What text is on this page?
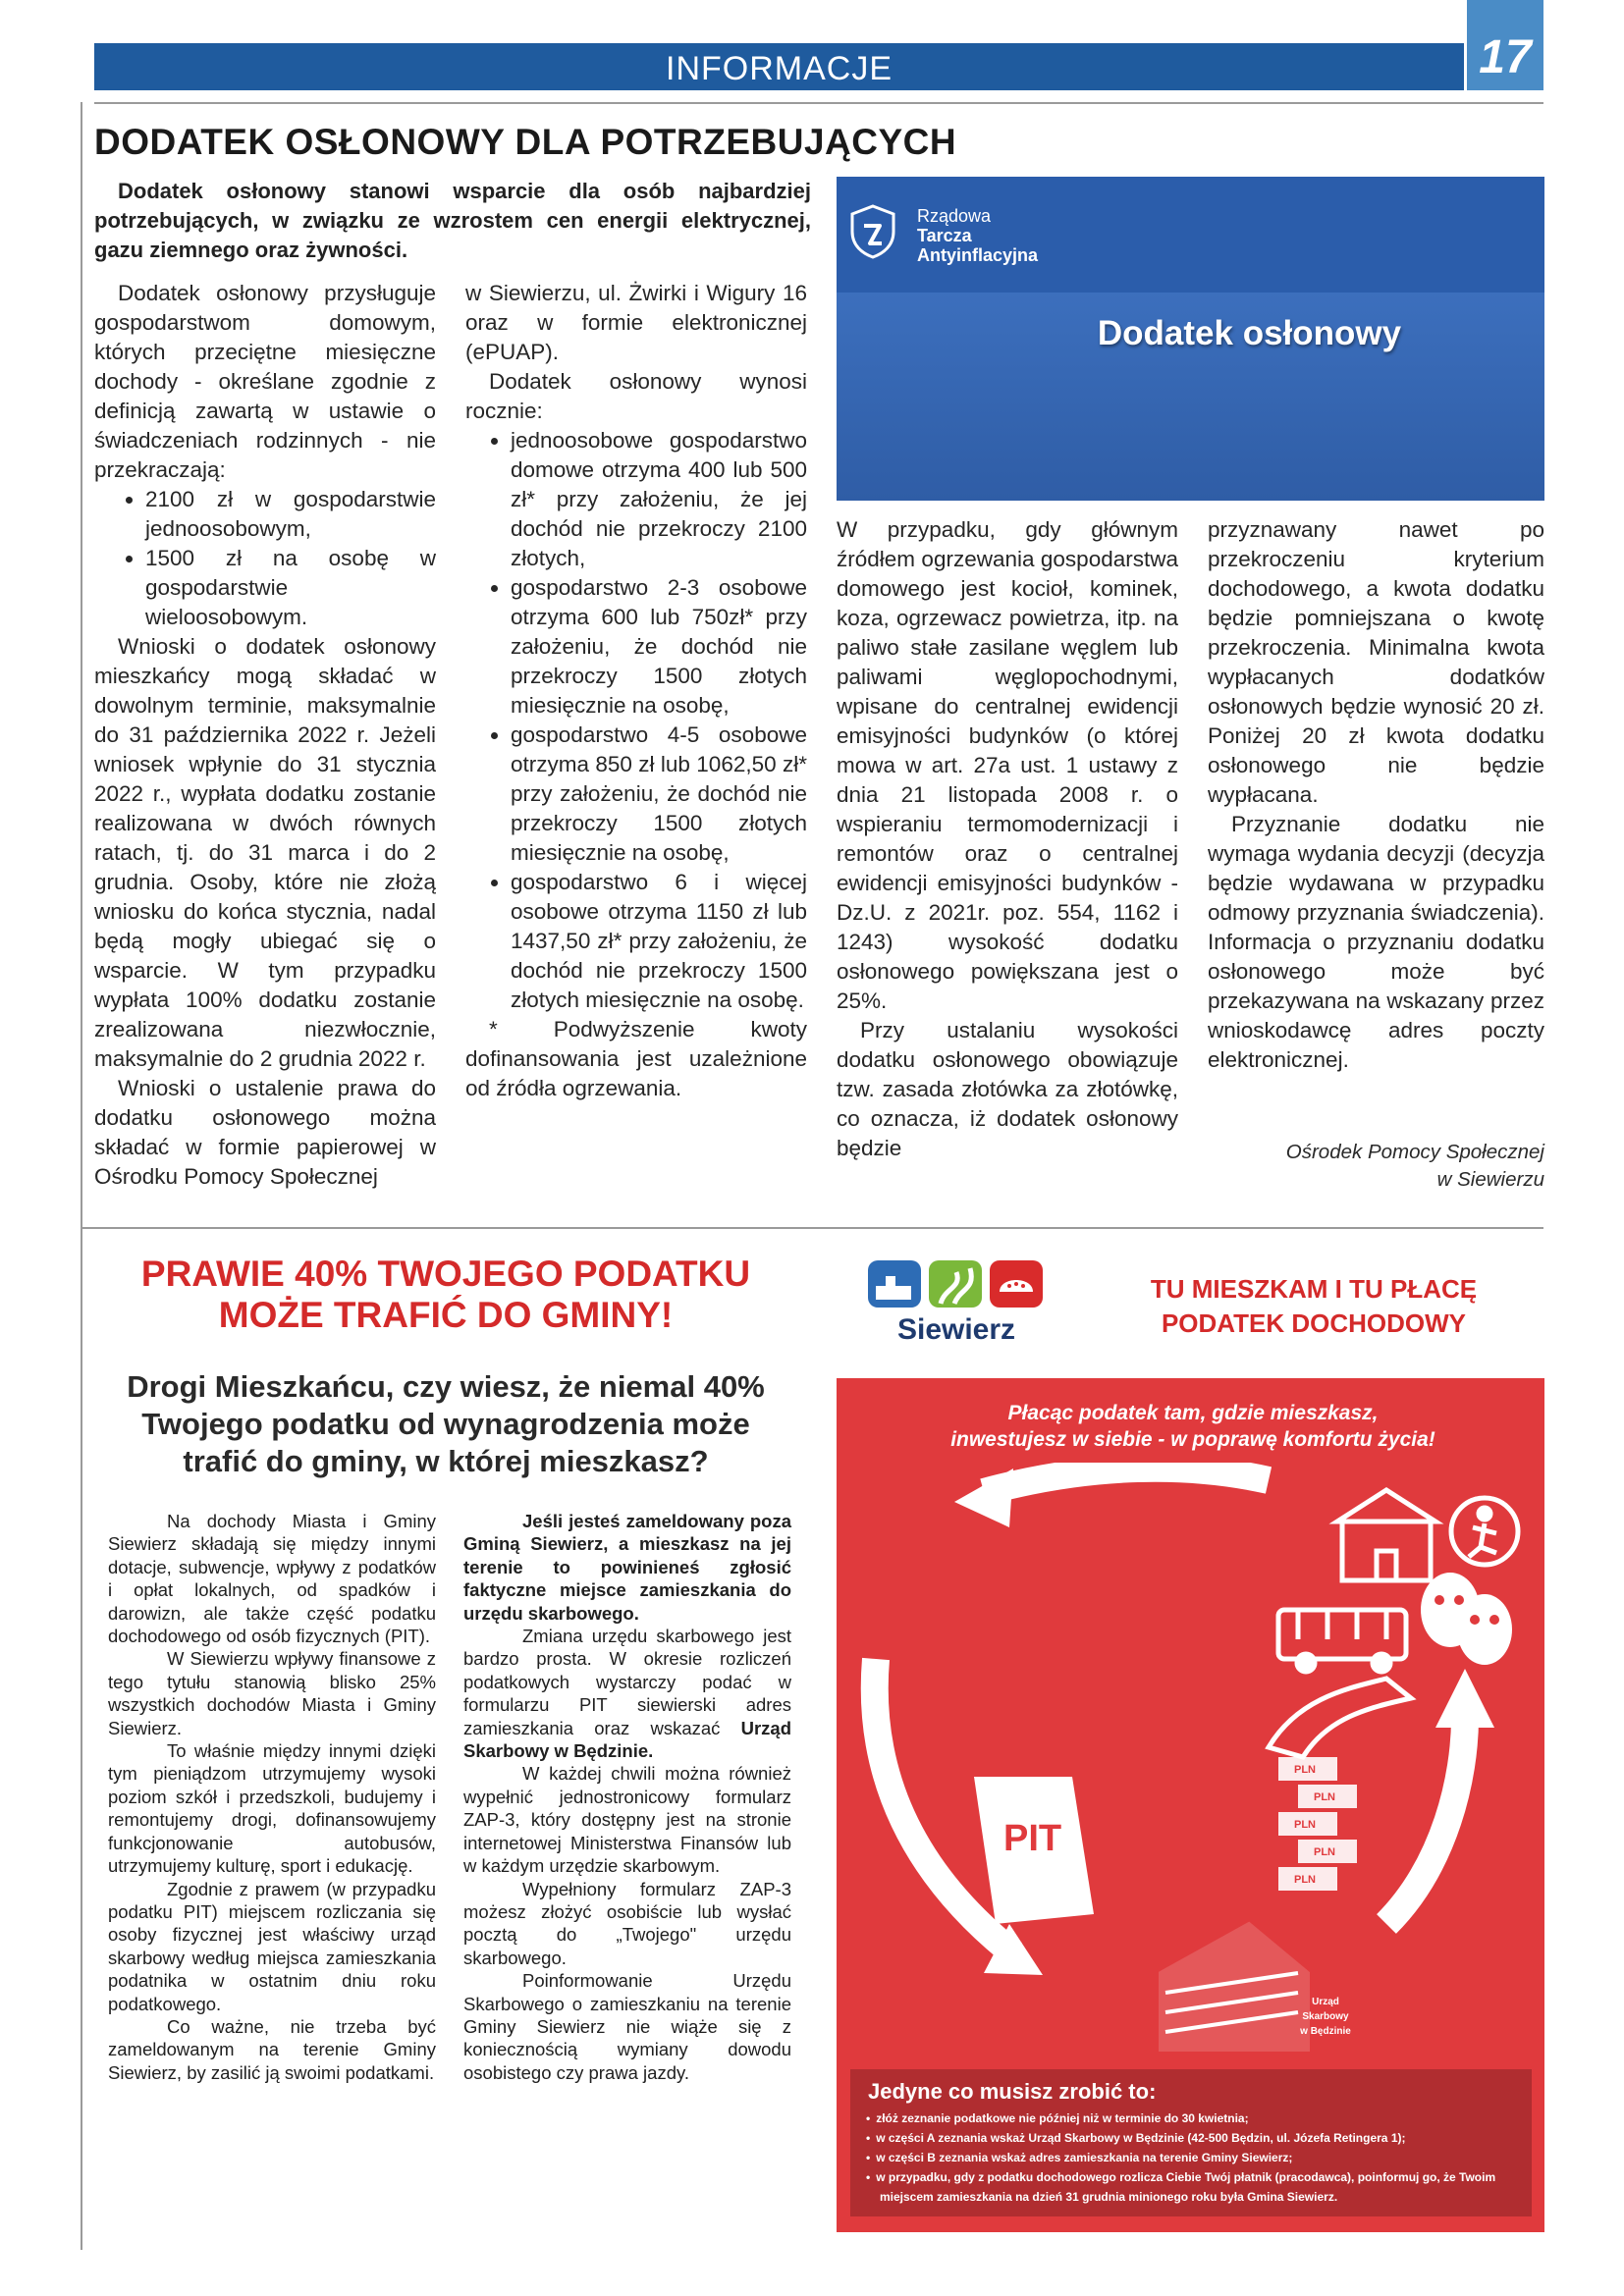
INFORMACJE	17
DODATEK OSŁONOWY DLA POTRZEBUJĄCYCH
Dodatek osłonowy stanowi wsparcie dla osób najbardziej potrzebujących, w związku ze wzrostem cen energii elektrycznej, gazu ziemnego oraz żywności.

Dodatek osłonowy przysługuje gospodarstwom domowym, których przeciętne miesięczne dochody - określane zgodnie z definicją zawartą w ustawie o świadczeniach rodzinnych - nie przekraczają:

• 2100 zł w gospodarstwie jednoosobowym,
• 1500 zł na osobę w gospodarstwie wieloosobowym.

Wnioski o dodatek osłonowy mieszkańcy mogą składać w dowolnym terminie, maksymalnie do 31 października 2022 r. Jeżeli wniosek wpłynie do 31 stycznia 2022 r., wypłata dodatku zostanie realizowana w dwóch równych ratach, tj. do 31 marca i do 2 grudnia. Osoby, które nie złożą wniosku do końca stycznia, nadal będą mogły ubiegać się o wsparcie. W tym przypadku wypłata 100% dodatku zostanie zrealizowana niezwłocznie, maksymalnie do 2 grudnia 2022 r.

Wnioski o ustalenie prawa do dodatku osłonowego można składać w formie papierowej w Ośrodku Pomocy Społecznej

w Siewierzu, ul. Żwirki i Wigury 16 oraz w formie elektronicznej (ePUAP).

Dodatek osłonowy wynosi rocznie:

• jednoosobowe gospodarstwo domowe otrzyma 400 lub 500 zł* przy założeniu, że jej dochód nie przekroczy 2100 złotych,
• gospodarstwo 2-3 osobowe otrzyma 600 lub 750zł* przy założeniu, że dochód nie przekroczy 1500 złotych miesięcznie na osobę,
• gospodarstwo 4-5 osobowe otrzyma 850 zł lub 1062,50 zł* przy założeniu, że dochód nie przekroczy 1500 złotych miesięcznie na osobę,
• gospodarstwo 6 i więcej osobowe otrzyma 1150 zł lub 1437,50 zł* przy założeniu, że dochód nie przekroczy 1500 złotych miesięcznie na osobę.

* Podwyższenie kwoty dofinansowania jest uzależnione od źródła ogrzewania.

W przypadku, gdy głównym źródłem ogrzewania gospodarstwa domowego jest kocioł, kominek, koza, ogrzewacz powietrza, itp. na paliwo stałe zasilane węglem lub paliwami węglopochodnymi, wpisane do centralnej ewidencji emisyjności budynków (o której mowa w art. 27a ust. 1 ustawy z dnia 21 listopada 2008 r. o wspieraniu termomodernizacji i remontów oraz o centralnej ewidencji emisyjności budynków - Dz.U. z 2021r. poz. 554, 1162 i 1243) wysokość dodatku osłonowego powiększana jest o 25%.

Przy ustalaniu wysokości dodatku osłonowego obowiązuje tzw. zasada złotówka za złotówkę, co oznacza, iż dodatek osłonowy będzie

przyznawany nawet po przekroczeniu kryterium dochodowego, a kwota dodatku będzie pomniejszana o kwotę przekroczenia. Minimalna kwota wypłacanych dodatków osłonowych będzie wynosić 20 zł. Poniżej 20 zł kwota dodatku osłonowego nie będzie wypłacana.

Przyznanie dodatku nie wymaga wydania decyzji (decyzja będzie wydawana w przypadku odmowy przyznania świadczenia). Informacja o przyznaniu dodatku osłonowego może być przekazywana na wskazany przez wnioskodawcę adres poczty elektronicznej.

Ośrodek Pomocy Społecznej
w Siewierzu
Rządowa
Tarcza
Antyinflacyjna
Dodatek osłonowy
PRAWIE 40% TWOJEGO PODATKU
MOŻE TRAFIĆ DO GMINY!
Drogi Mieszkańcu, czy wiesz, że niemal 40%
Twojego podatku od wynagrodzenia może
trafić do gminy, w której mieszkasz?

Na dochody Miasta i Gminy Siewierz składają się między innymi dotacje, subwencje, wpływy z podatków i opłat lokalnych, od spadków i darowizn, ale także część podatku dochodowego od osób fizycznych (PIT).

W Siewierzu wpływy finansowe z tego tytułu stanowią blisko 25% wszystkich dochodów Miasta i Gminy Siewierz.

To właśnie między innymi dzięki tym pieniądzom utrzymujemy wysoki poziom szkół i przedszkoli, budujemy i remontujemy drogi, dofinansowujemy funkcjonowanie autobusów, utrzymujemy kulturę, sport i edukację.

Zgodnie z prawem (w przypadku podatku PIT) miejscem rozliczania się osoby fizycznej jest właściwy urząd skarbowy według miejsca zamieszkania podatnika w ostatnim dniu roku podatkowego.

Co ważne, nie trzeba być zameldowanym na terenie Gminy Siewierz, by zasilić ją swoimi podatkami.

Jeśli jesteś zameldowany poza Gminą Siewierz, a mieszkasz na jej terenie to powinieneś zgłosić faktyczne miejsce zamieszkania do urzędu skarbowego.

Zmiana urzędu skarbowego jest bardzo prosta. W okresie rozliczeń podatkowych wystarczy podać w formularzu PIT siewierski adres zamieszkania oraz wskazać Urząd Skarbowy w Będzinie.

W każdej chwili można również wypełnić jednostronicowy formularz ZAP-3, który dostępny jest na stronie internetowej Ministerstwa Finansów lub w każdym urzędzie skarbowym.

Wypełniony formularz ZAP-3 możesz złożyć osobiście lub wysłać pocztą do „Twojego" urzędu skarbowego.

Poinformowanie Urzędu Skarbowego o zamieszkaniu na terenie Gminy Siewierz nie wiąże się z koniecznością wymiany dowodu osobistego czy prawa jazdy.

Siewierz
TU MIESZKAM I TU PŁACĘ
PODATEK DOCHODOWY
Płacąc podatek tam, gdzie mieszkasz,
inwestujesz w siebie - w poprawę komfortu życia!
PIT
PLN
PLN
PLN
PLN
PLN
Urząd
Skarbowy
w Będzinie
Jedyne co musisz zrobić to:
• złóż zeznanie podatkowe nie później niż w terminie do 30 kwietnia;
• w części A zeznania wskaż Urząd Skarbowy w Będzinie (42-500 Będzin, ul. Józefa Retingera 1);
• w części B zeznania wskaż adres zamieszkania na terenie Gminy Siewierz;
• w przypadku, gdy z podatku dochodowego rozlicza Ciebie Twój płatnik (pracodawca), poinformuj go, że Twoim miejscem zamieszkania na dzień 31 grudnia minionego roku była Gmina Siewierz.
